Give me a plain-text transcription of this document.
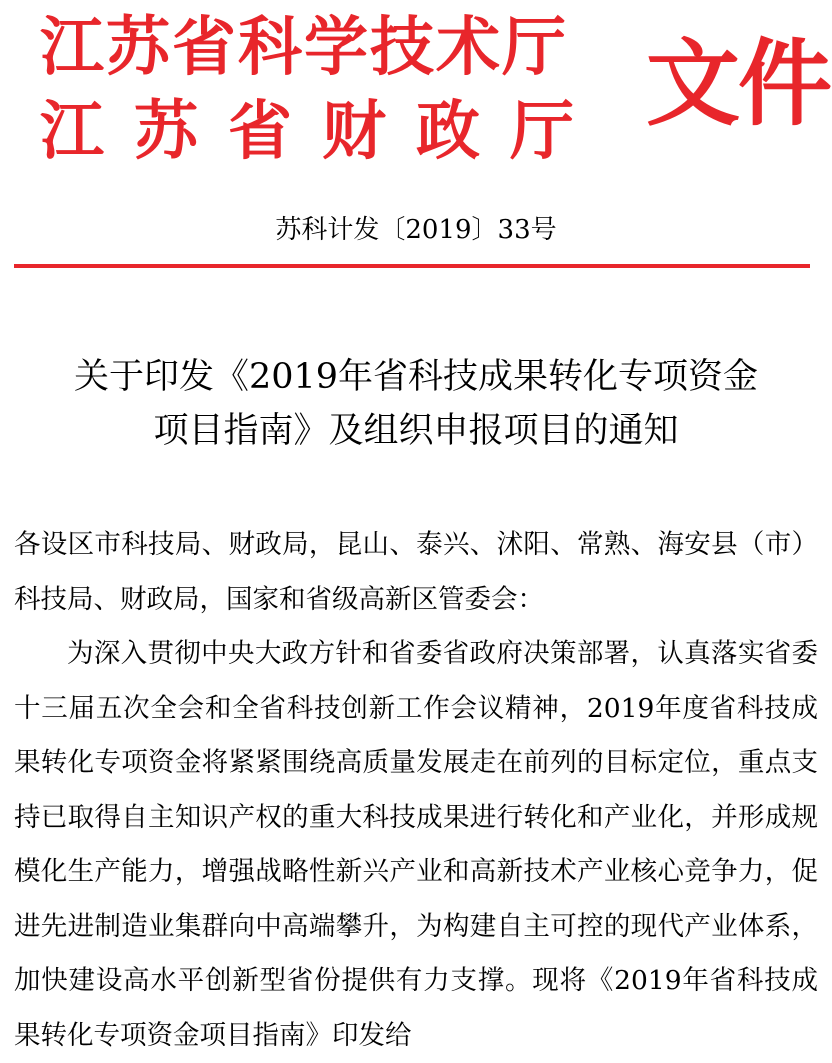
江苏省科学技术厅
江苏省财政厅 文件
苏科计发〔2019〕33号
关于印发《2019年省科技成果转化专项资金
项目指南》及组织申报项目的通知

各设区市科技局、财政局，昆山、泰兴、沭阳、常熟、海安县（市）科技局、财政局，国家和省级高新区管委会：

为深入贯彻中央大政方针和省委省政府决策部署，认真落实省委十三届五次全会和全省科技创新工作会议精神，2019年度省科技成果转化专项资金将紧紧围绕高质量发展走在前列的目标定位，重点支持已取得自主知识产权的重大科技成果进行转化和产业化，并形成规模化生产能力，增强战略性新兴产业和高新技术产业核心竞争力，促进先进制造业集群向中高端攀升，为构建自主可控的现代产业体系，加快建设高水平创新型省份提供有力支撑。现将《2019年省科技成果转化专项资金项目指南》印发给
